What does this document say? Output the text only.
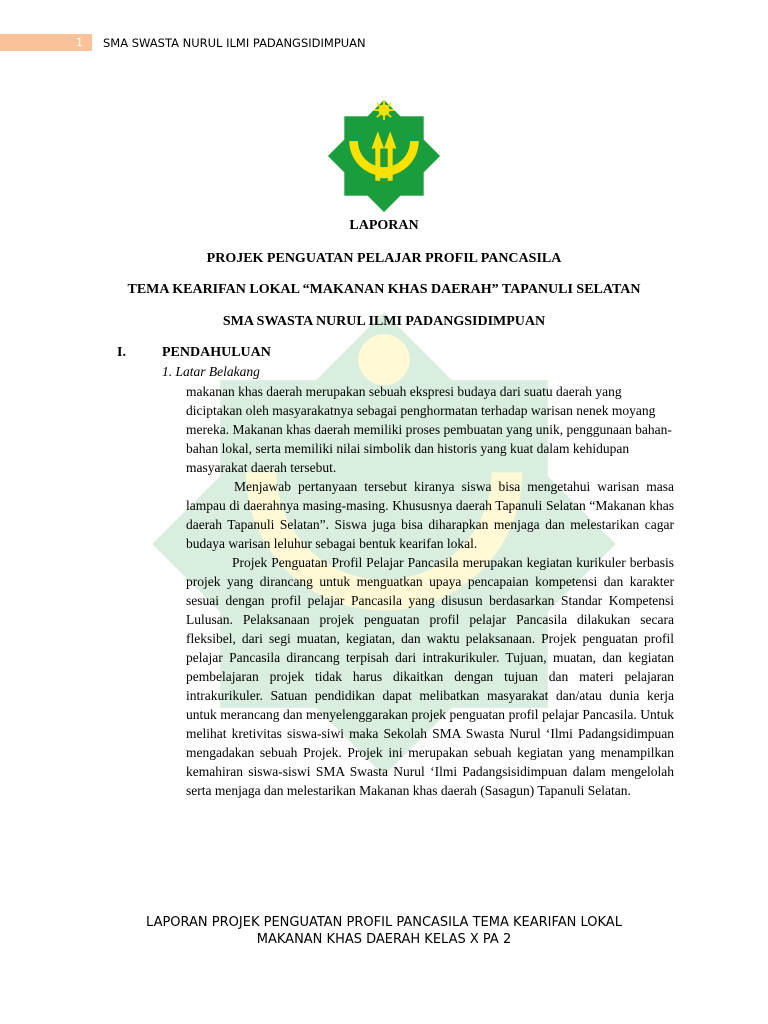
1 SMA SWASTA NURUL ILMI PADANGSIDIMPUAN
LAPORAN
PROJEK PENGUATAN PELAJAR PROFIL PANCASILA
TEMA KEARIFAN LOKAL “MAKANAN KHAS DAERAH” TAPANULI SELATAN
SMA SWASTA NURUL ILMI PADANGSIDIMPUAN
I.	PENDAHULUAN
1. Latar Belakang

makanan khas daerah merupakan sebuah ekspresi budaya dari suatu daerah yang diciptakan oleh masyarakatnya sebagai penghormatan terhadap warisan nenek moyang mereka. Makanan khas daerah memiliki proses pembuatan yang unik, penggunaan bahan-bahan lokal, serta memiliki nilai simbolik dan historis yang kuat dalam kehidupan masyarakat daerah tersebut.

Menjawab pertanyaan tersebut kiranya siswa bisa mengetahui warisan masa lampau di daerahnya masing-masing. Khususnya daerah Tapanuli Selatan “Makanan khas daerah Tapanuli Selatan”. Siswa juga bisa diharapkan menjaga dan melestarikan cagar budaya warisan leluhur sebagai bentuk kearifan lokal.

Projek Penguatan Profil Pelajar Pancasila merupakan kegiatan kurikuler berbasis projek yang dirancang untuk menguatkan upaya pencapaian kompetensi dan karakter sesuai dengan profil pelajar Pancasila yang disusun berdasarkan Standar Kompetensi Lulusan. Pelaksanaan projek penguatan profil pelajar Pancasila dilakukan secara fleksibel, dari segi muatan, kegiatan, dan waktu pelaksanaan. Projek penguatan profil pelajar Pancasila dirancang terpisah dari intrakurikuler. Tujuan, muatan, dan kegiatan pembelajaran projek tidak harus dikaitkan dengan tujuan dan materi pelajaran intrakurikuler. Satuan pendidikan dapat melibatkan masyarakat dan/atau dunia kerja untuk merancang dan menyelenggarakan projek penguatan profil pelajar Pancasila. Untuk melihat kretivitas siswa-siwi maka Sekolah SMA Swasta Nurul ‘Ilmi Padangsidimpuan mengadakan sebuah Projek. Projek ini merupakan sebuah kegiatan yang menampilkan kemahiran siswa-siswi SMA Swasta Nurul ‘Ilmi Padangsisidimpuan dalam mengelolah serta menjaga dan melestarikan Makanan khas daerah (Sasagun) Tapanuli Selatan.

LAPORAN PROJEK PENGUATAN PROFIL PANCASILA TEMA KEARIFAN LOKAL
MAKANAN KHAS DAERAH KELAS X PA 2
